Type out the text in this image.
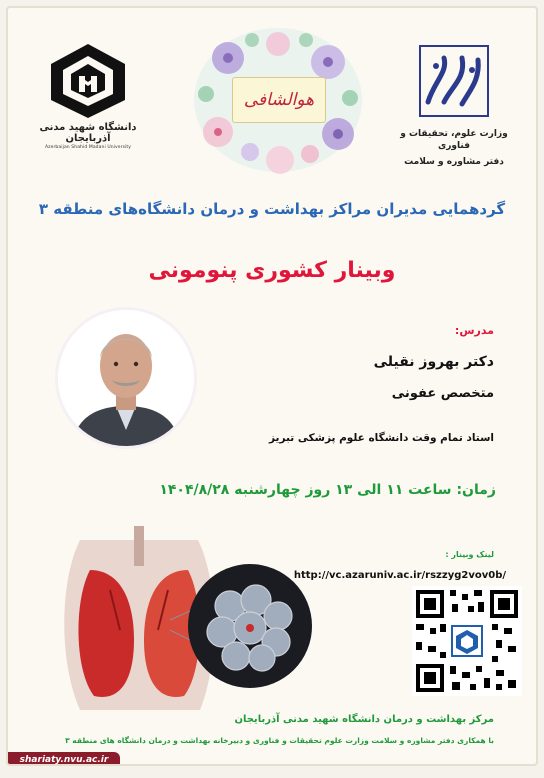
دانشگاه شهید مدنی آذربایجان
Azerbaijan Shahid Madani University
هوالشافی
وزارت علوم، تحقیقات و فناوری
دفتر مشاوره و سلامت
گردهمایی مدیران مراکز بهداشت و درمان دانشگاه‌های منطقه ۳
وبینار کشوری پنومونی
مدرس:
دکتر بهروز نقیلی
متخصص عفونی
استاد تمام وقت دانشگاه علوم پزشکی تبریز
زمان: ساعت ۱۱ الی ۱۳ روز چهارشنبه ۱۴۰۴/۸/۲۸
لینک وبینار :
http://vc.azaruniv.ac.ir/rszzyg2vov0b/
مرکز بهداشت و درمان دانشگاه شهید مدنی آذربایجان
با همکاری دفتر مشاوره و سلامت وزارت علوم تحقیقات و فناوری و دبیرخانه بهداشت و درمان دانشگاه های منطقه ۳
shariaty.nvu.ac.ir
